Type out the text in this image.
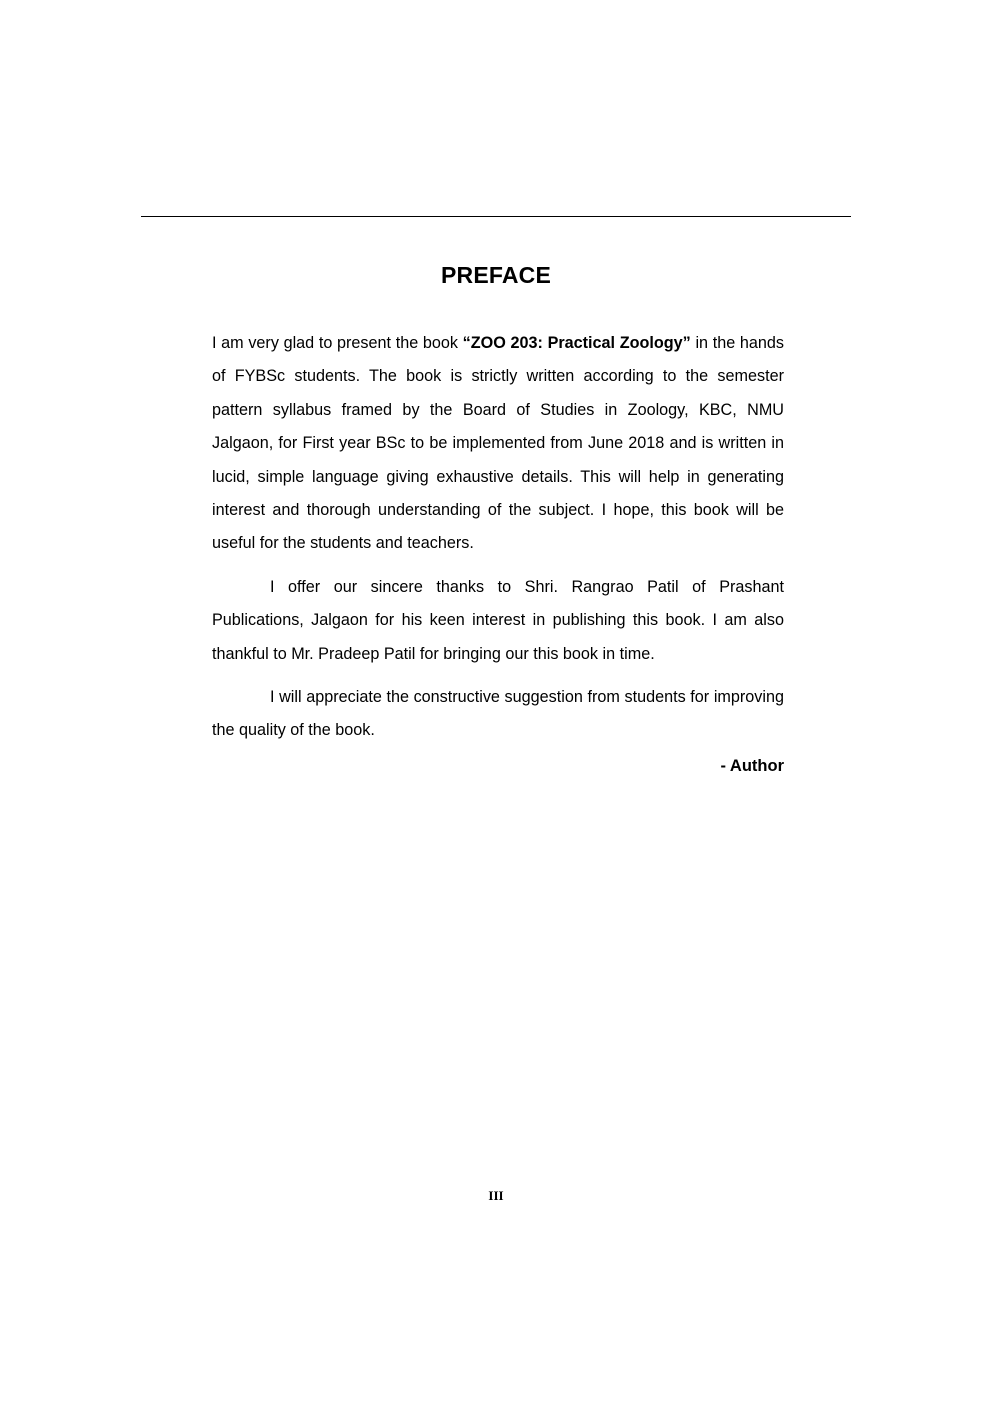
PREFACE

I am very glad to present the book “ZOO 203: Practical Zoology” in the hands of FYBSc students. The book is strictly written according to the semester pattern syllabus framed by the Board of Studies in Zoology, KBC, NMU Jalgaon, for First year BSc to be implemented from June 2018 and is written in lucid, simple language giving exhaustive details. This will help in generating interest and thorough understanding of the subject. I hope, this book will be useful for the students and teachers.

I offer our sincere thanks to Shri. Rangrao Patil of Prashant Publications, Jalgaon for his keen interest in publishing this book. I am also thankful to Mr. Pradeep Patil for bringing our this book in time.

I will appreciate the constructive suggestion from students for improving the quality of the book.

- Author

III
